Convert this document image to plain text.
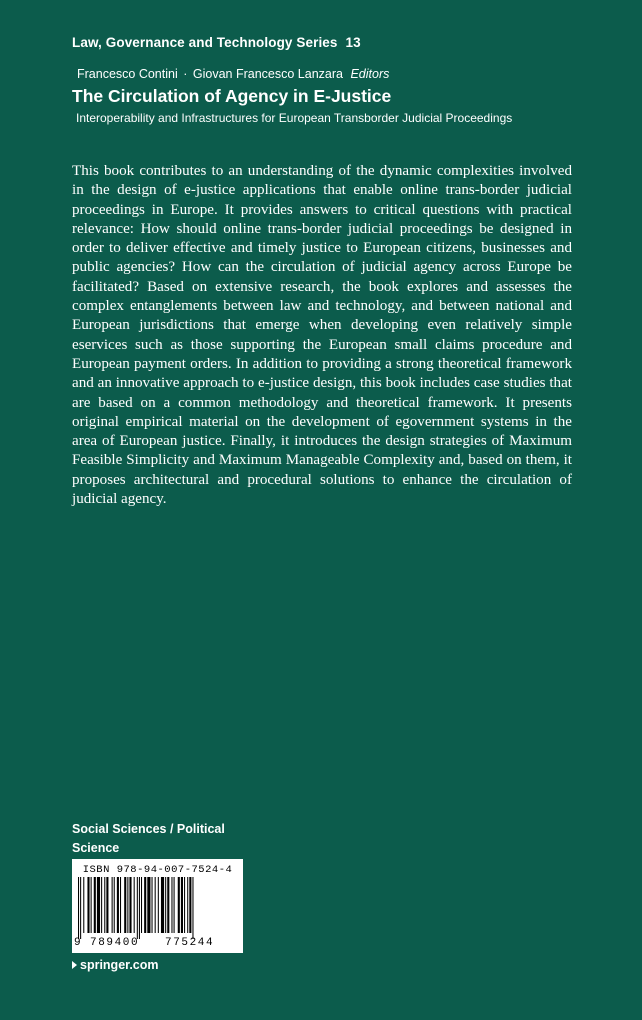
Law, Governance and Technology Series 13
Francesco Contini · Giovan Francesco Lanzara Editors
The Circulation of Agency in E-Justice
Interoperability and Infrastructures for European Transborder Judicial Proceedings

This book contributes to an understanding of the dynamic complexities involved in the design of e-justice applications that enable online trans-border judicial proceedings in Europe. It provides answers to critical questions with practical relevance: How should online trans-border judicial proceedings be designed in order to deliver effective and timely justice to European citizens, businesses and public agencies? How can the circulation of judicial agency across Europe be facilitated? Based on extensive research, the book explores and assesses the complex entanglements between law and technology, and between national and European jurisdictions that emerge when developing even relatively simple eservices such as those supporting the European small claims procedure and European payment orders. In addition to providing a strong theoretical framework and an innovative approach to e-justice design, this book includes case studies that are based on a common methodology and theoretical framework. It presents original empirical material on the development of egovernment systems in the area of European justice. Finally, it introduces the design strategies of Maximum Feasible Simplicity and Maximum Manageable Complexity and, based on them, it proposes architectural and procedural solutions to enhance the circulation of judicial agency.

Social Sciences / Political Science
ISBN 978-94-007-7524-4
9 789400 775244
springer.com
